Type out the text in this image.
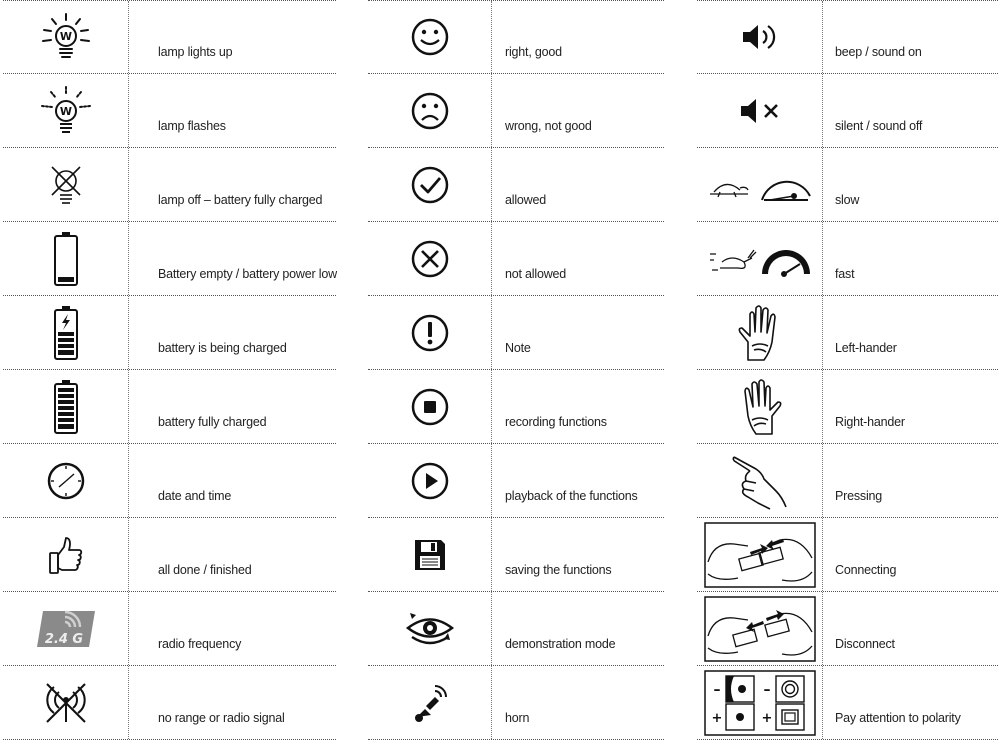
W
lamp lights up
W
lamp flashes
lamp off – battery fully charged
Battery empty / battery power low
battery is being charged
battery fully charged
date and time
all done / finished
2.4 G	radio frequency
no range or radio signal
right, good
wrong, not good
allowed
not allowed
Note
recording functions
playback of the functions
saving the functions
demonstration mode
horn
beep / sound on
silent / sound off
slow
fast
Left-hander
Right-hander
Pressing
Connecting
Disconnect
–
+
–
+	Pay attention to polarity
